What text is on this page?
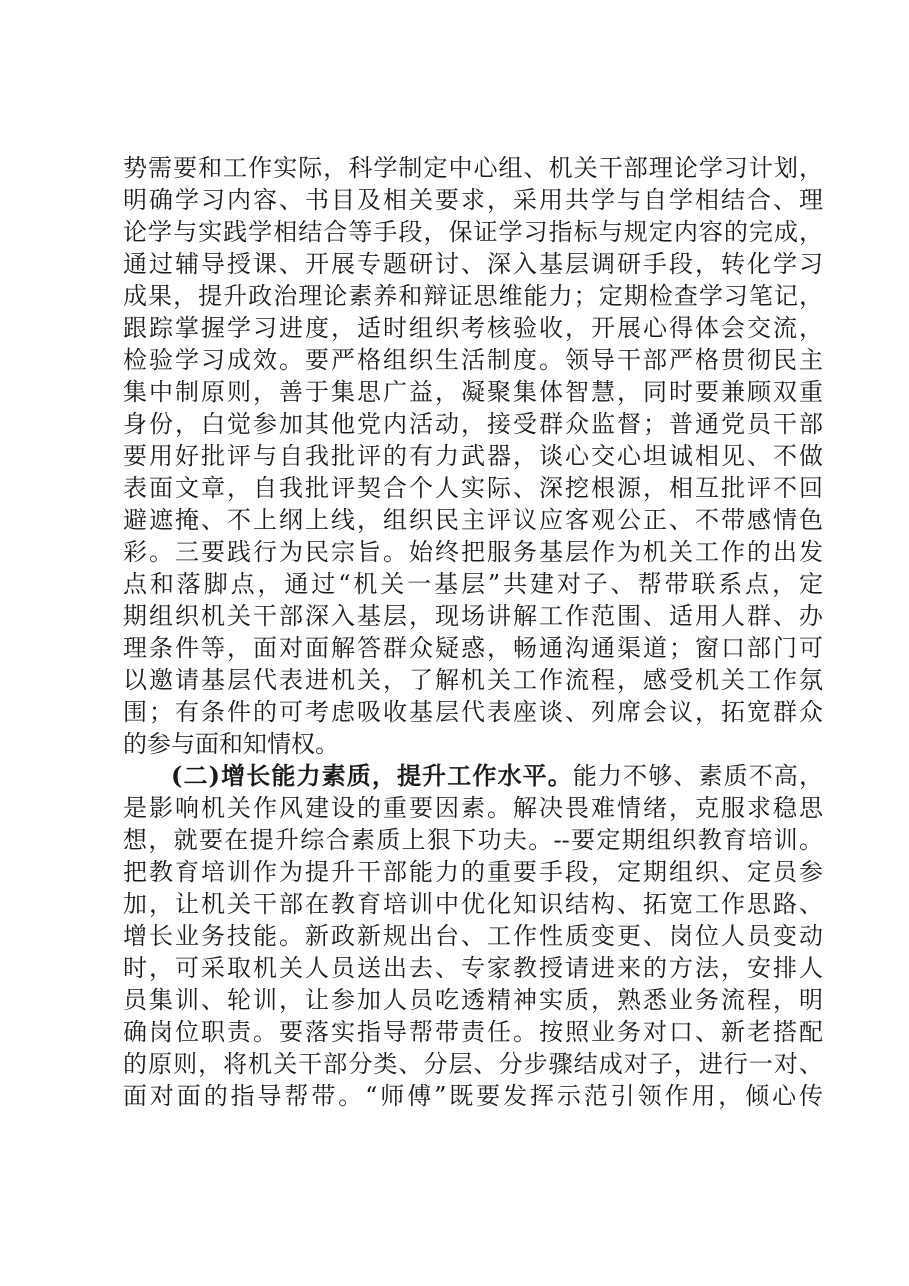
势需要和工作实际，科学制定中心组、机关干部理论学习计划，
明确学习内容、书目及相关要求，采用共学与自学相结合、理
论学与实践学相结合等手段，保证学习指标与规定内容的完成，
通过辅导授课、开展专题研讨、深入基层调研手段，转化学习
成果，提升政治理论素养和辩证思维能力；定期检查学习笔记，
跟踪掌握学习进度，适时组织考核验收，开展心得体会交流，
检验学习成效。要严格组织生活制度。领导干部严格贯彻民主
集中制原则，善于集思广益，凝聚集体智慧，同时要兼顾双重
身份，白觉参加其他党内活动，接受群众监督；普通党员干部
要用好批评与自我批评的有力武器，谈心交心坦诚相见、不做
表面文章，自我批评契合个人实际、深挖根源，相互批评不回
避遮掩、不上纲上线，组织民主评议应客观公正、不带感情色
彩。三要践行为民宗旨。始终把服务基层作为机关工作的出发
点和落脚点，通过“机关一基层”共建对子、帮带联系点，定
期组织机关干部深入基层，现场讲解工作范围、适用人群、办
理条件等，面对面解答群众疑惑，畅通沟通渠道；窗口部门可
以邀请基层代表进机关，了解机关工作流程，感受机关工作氛
围；有条件的可考虑吸收基层代表座谈、列席会议，拓宽群众
的参与面和知情权。
(二)增长能力素质，提升工作水平。能力不够、素质不高，
是影响机关作风建设的重要因素。解决畏难情绪，克服求稳思
想，就要在提升综合素质上狠下功夫。--要定期组织教育培训。
把教育培训作为提升干部能力的重要手段，定期组织、定员参
加，让机关干部在教育培训中优化知识结构、拓宽工作思路、
增长业务技能。新政新规出台、工作性质变更、岗位人员变动
时，可采取机关人员送出去、专家教授请进来的方法，安排人
员集训、轮训，让参加人员吃透精神实质，熟悉业务流程，明
确岗位职责。要落实指导帮带责任。按照业务对口、新老搭配
的原则，将机关干部分类、分层、分步骤结成对子，进行一对、
面对面的指导帮带。“师傅”既要发挥示范引领作用，倾心传
